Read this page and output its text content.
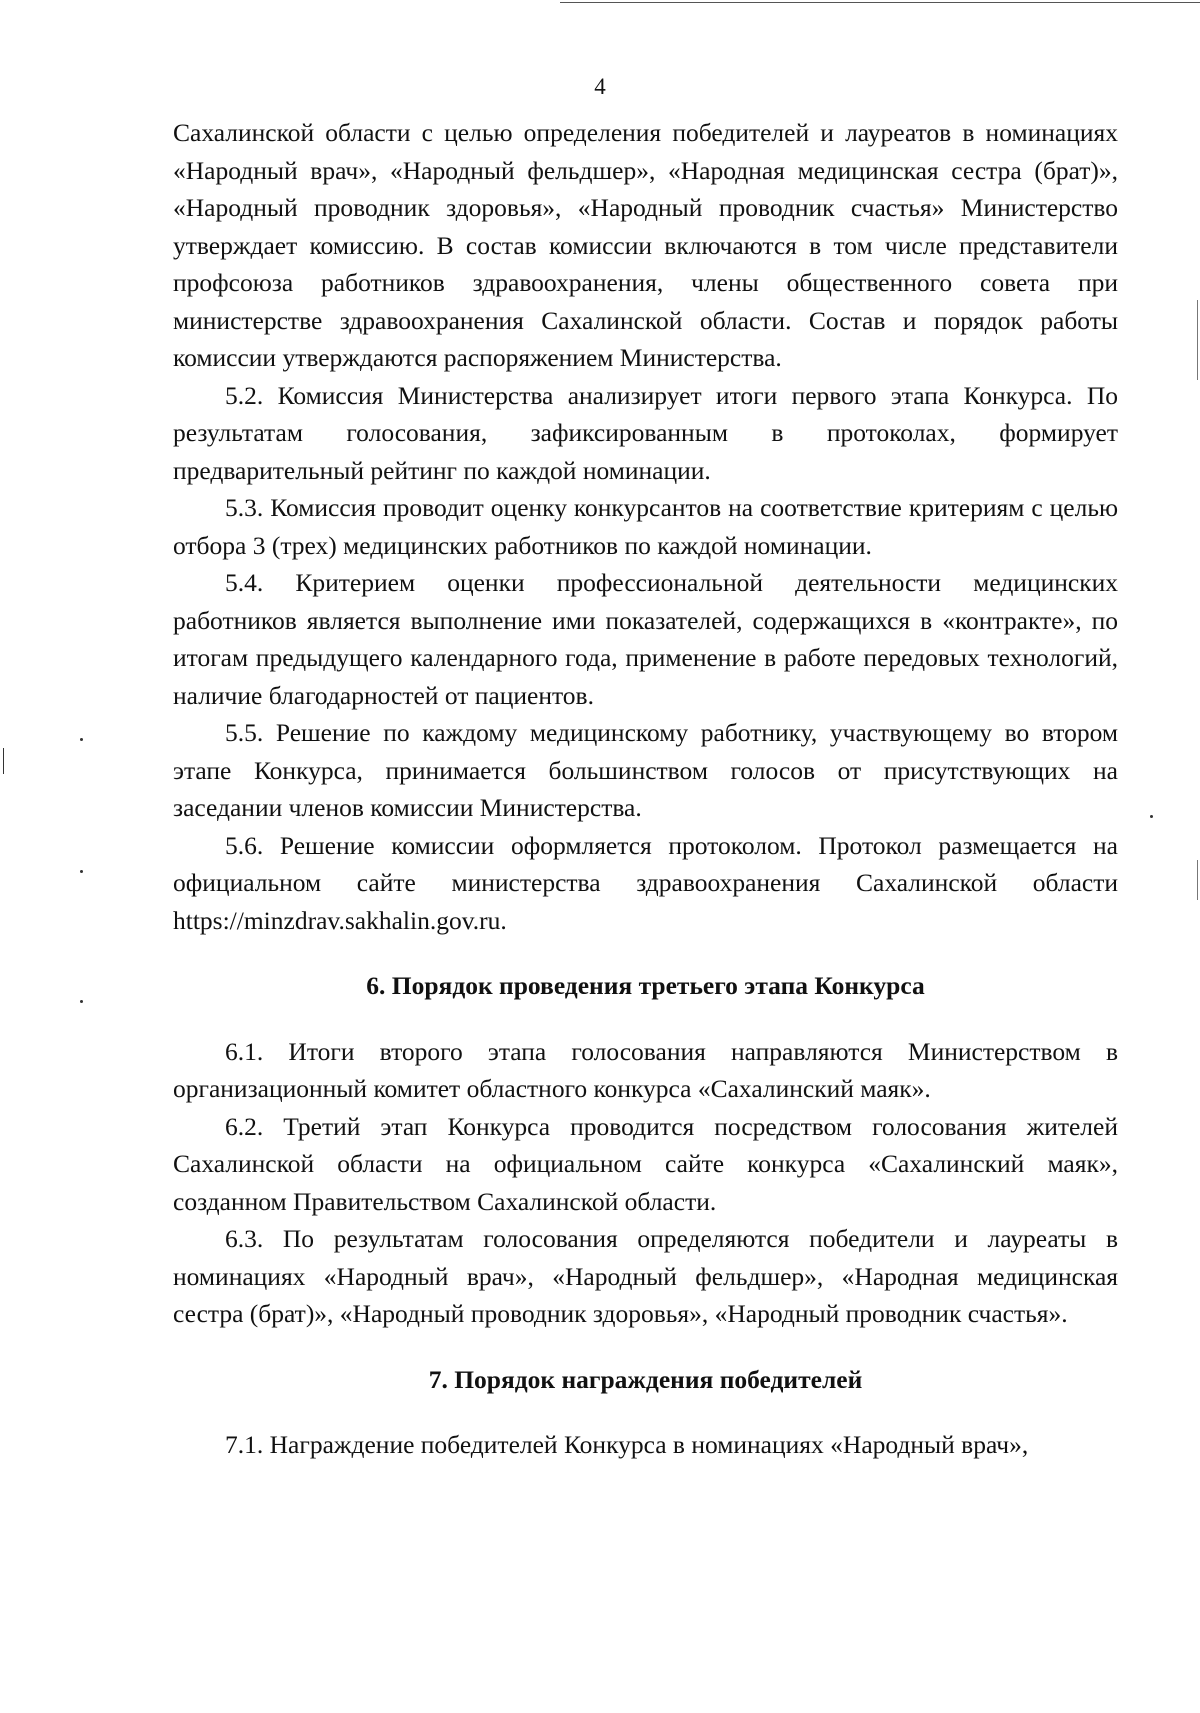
4

Сахалинской области с целью определения победителей и лауреатов в номинациях «Народный врач», «Народный фельдшер», «Народная медицинская сестра (брат)», «Народный проводник здоровья», «Народный проводник счастья» Министерство утверждает комиссию. В состав комиссии включаются в том числе представители профсоюза работников здравоохранения, члены общественного совета при министерстве здравоохранения Сахалинской области. Состав и порядок работы комиссии утверждаются распоряжением Министерства.

5.2. Комиссия Министерства анализирует итоги первого этапа Конкурса. По результатам голосования, зафиксированным в протоколах, формирует предварительный рейтинг по каждой номинации.

5.3. Комиссия проводит оценку конкурсантов на соответствие критериям с целью отбора 3 (трех) медицинских работников по каждой номинации.

5.4. Критерием оценки профессиональной деятельности медицинских работников является выполнение ими показателей, содержащихся в «контракте», по итогам предыдущего календарного года, применение в работе передовых технологий, наличие благодарностей от пациентов.

5.5. Решение по каждому медицинскому работнику, участвующему во втором этапе Конкурса, принимается большинством голосов от присутствующих на заседании членов комиссии Министерства.

5.6. Решение комиссии оформляется протоколом. Протокол размещается на официальном сайте министерства здравоохранения Сахалинской области https://minzdrav.sakhalin.gov.ru.

6. Порядок проведения третьего этапа Конкурса

6.1. Итоги второго этапа голосования направляются Министерством в организационный комитет областного конкурса «Сахалинский маяк».

6.2. Третий этап Конкурса проводится посредством голосования жителей Сахалинской области на официальном сайте конкурса «Сахалинский маяк», созданном Правительством Сахалинской области.

6.3. По результатам голосования определяются победители и лауреаты в номинациях «Народный врач», «Народный фельдшер», «Народная медицинская сестра (брат)», «Народный проводник здоровья», «Народный проводник счастья».

7. Порядок награждения победителей

7.1. Награждение победителей Конкурса в номинациях «Народный врач»,
